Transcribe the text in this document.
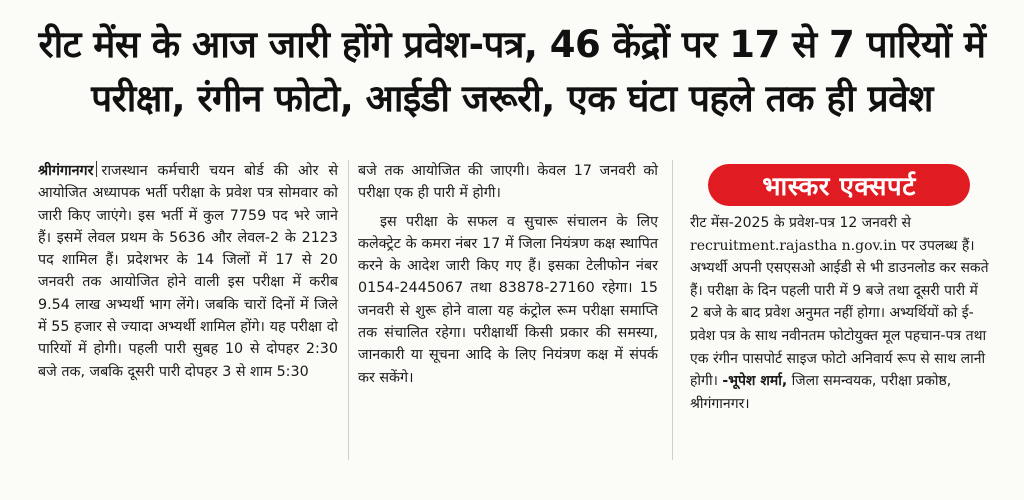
रीट मेंस के आज जारी होंगे प्रवेश-पत्र, 46 केंद्रों पर 17 से 7 पारियों में परीक्षा, रंगीन फोटो, आईडी जरूरी, एक घंटा पहले तक ही प्रवेश

श्रीगंगानगर राजस्थान कर्मचारी चयन बोर्ड की ओर से आयोजित अध्यापक भर्ती परीक्षा के प्रवेश पत्र सोमवार को जारी किए जाएंगे। इस भर्ती में कुल 7759 पद भरे जाने हैं। इसमें लेवल प्रथम के 5636 और लेवल-2 के 2123 पद शामिल हैं। प्रदेशभर के 14 जिलों में 17 से 20 जनवरी तक आयोजित होने वाली इस परीक्षा में करीब 9.54 लाख अभ्यर्थी भाग लेंगे। जबकि चारों दिनों में जिले में 55 हजार से ज्यादा अभ्यर्थी शामिल होंगे। यह परीक्षा दो पारियों में होगी। पहली पारी सुबह 10 से दोपहर 2:30 बजे तक, जबकि दूसरी पारी दोपहर 3 से शाम 5:30

बजे तक आयोजित की जाएगी। केवल 17 जनवरी को परीक्षा एक ही पारी में होगी।

इस परीक्षा के सफल व सुचारू संचालन के लिए कलेक्ट्रेट के कमरा नंबर 17 में जिला नियंत्रण कक्ष स्थापित करने के आदेश जारी किए गए हैं। इसका टेलीफोन नंबर 0154-2445067 तथा 83878-27160 रहेगा। 15 जनवरी से शुरू होने वाला यह कंट्रोल रूम परीक्षा समाप्ति तक संचालित रहेगा। परीक्षार्थी किसी प्रकार की समस्या, जानकारी या सूचना आदि के लिए नियंत्रण कक्ष में संपर्क कर सकेंगे।

भास्कर एक्सपर्ट
रीट मेंस-2025 के प्रवेश-पत्र 12 जनवरी से recruitment.rajastha n.gov.in पर उपलब्ध हैं। अभ्यर्थी अपनी एसएसओ आईडी से भी डाउनलोड कर सकते हैं। परीक्षा के दिन पहली पारी में 9 बजे तथा दूसरी पारी में 2 बजे के बाद प्रवेश अनुमत नहीं होगा। अभ्यर्थियों को ई-प्रवेश पत्र के साथ नवीनतम फोटोयुक्त मूल पहचान-पत्र तथा एक रंगीन पासपोर्ट साइज फोटो अनिवार्य रूप से साथ लानी होगी। -भूपेश शर्मा, जिला समन्वयक, परीक्षा प्रकोष्ठ, श्रीगंगानगर।
